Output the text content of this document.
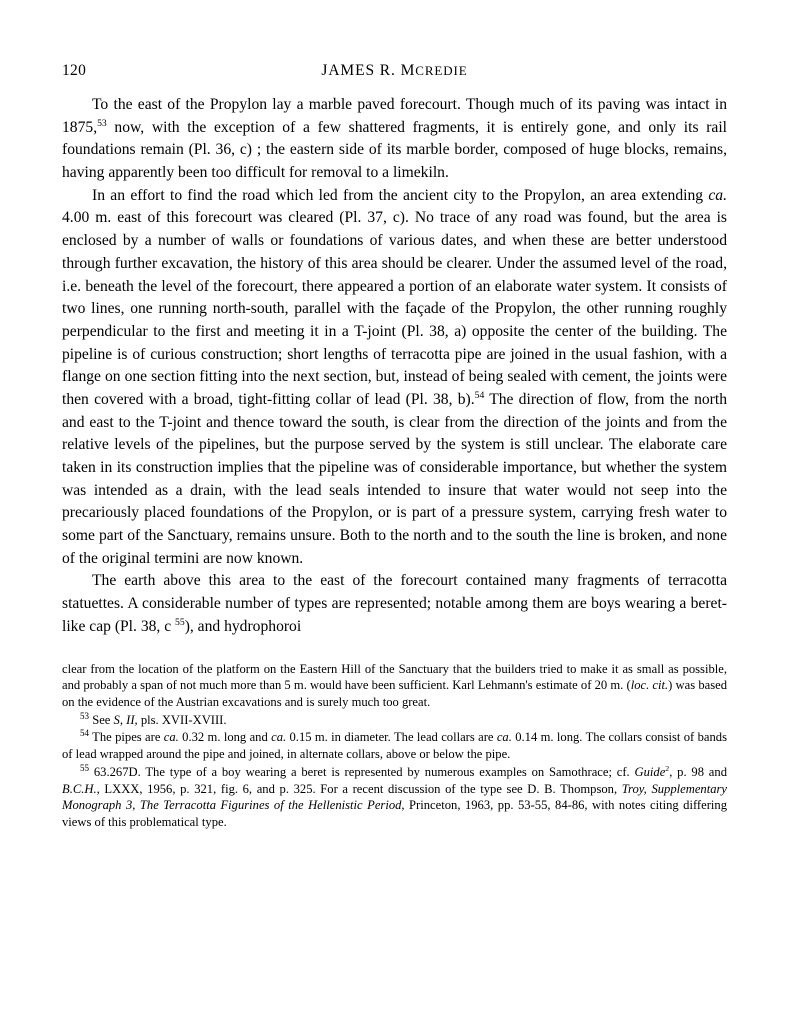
120	JAMES R. MCREDIE

To the east of the Propylon lay a marble paved forecourt. Though much of its paving was intact in 1875,53 now, with the exception of a few shattered fragments, it is entirely gone, and only its rail foundations remain (Pl. 36, c) ; the eastern side of its marble border, composed of huge blocks, remains, having apparently been too difficult for removal to a limekiln.

In an effort to find the road which led from the ancient city to the Propylon, an area extending ca. 4.00 m. east of this forecourt was cleared (Pl. 37, c). No trace of any road was found, but the area is enclosed by a number of walls or foundations of various dates, and when these are better understood through further excavation, the history of this area should be clearer. Under the assumed level of the road, i.e. beneath the level of the forecourt, there appeared a portion of an elaborate water system. It consists of two lines, one running north-south, parallel with the façade of the Propylon, the other running roughly perpendicular to the first and meeting it in a T-joint (Pl. 38, a) opposite the center of the building. The pipeline is of curious construction; short lengths of terracotta pipe are joined in the usual fashion, with a flange on one section fitting into the next section, but, instead of being sealed with cement, the joints were then covered with a broad, tight-fitting collar of lead (Pl. 38, b).$^{54}$ The direction of flow, from the north and east to the T-joint and thence toward the south, is clear from the direction of the joints and from the relative levels of the pipelines, but the purpose served by the system is still unclear. The elaborate care taken in its construction implies that the pipeline was of considerable importance, but whether the system was intended as a drain, with the lead seals intended to insure that water would not seep into the precariously placed foundations of the Propylon, or is part of a pressure system, carrying fresh water to some part of the Sanctuary, remains unsure. Both to the north and to the south the line is broken, and none of the original termini are now known.

The earth above this area to the east of the forecourt contained many fragments of terracotta statuettes. A considerable number of types are represented; notable among them are boys wearing a beret-like cap (Pl. 38, c $^{55}$), and hydrophoroi

clear from the location of the platform on the Eastern Hill of the Sanctuary that the builders tried to make it as small as possible, and probably a span of not much more than 5 m. would have been sufficient. Karl Lehmann's estimate of 20 m. (loc. cit.) was based on the evidence of the Austrian excavations and is surely much too great.

$^{53}$ See S, II, pls. XVII-XVIII.

$^{54}$ The pipes are ca. 0.32 m. long and ca. 0.15 m. in diameter. The lead collars are ca. 0.14 m. long. The collars consist of bands of lead wrapped around the pipe and joined, in alternate collars, above or below the pipe.

$^{55}$ 63.267D. The type of a boy wearing a beret is represented by numerous examples on Samothrace; cf. Guide$^2$, p. 98 and B.C.H., LXXX, 1956, p. 321, fig. 6, and p. 325. For a recent discussion of the type see D. B. Thompson, Troy, Supplementary Monograph 3, The Terracotta Figurines of the Hellenistic Period, Princeton, 1963, pp. 53-55, 84-86, with notes citing differing views of this problematical type.
